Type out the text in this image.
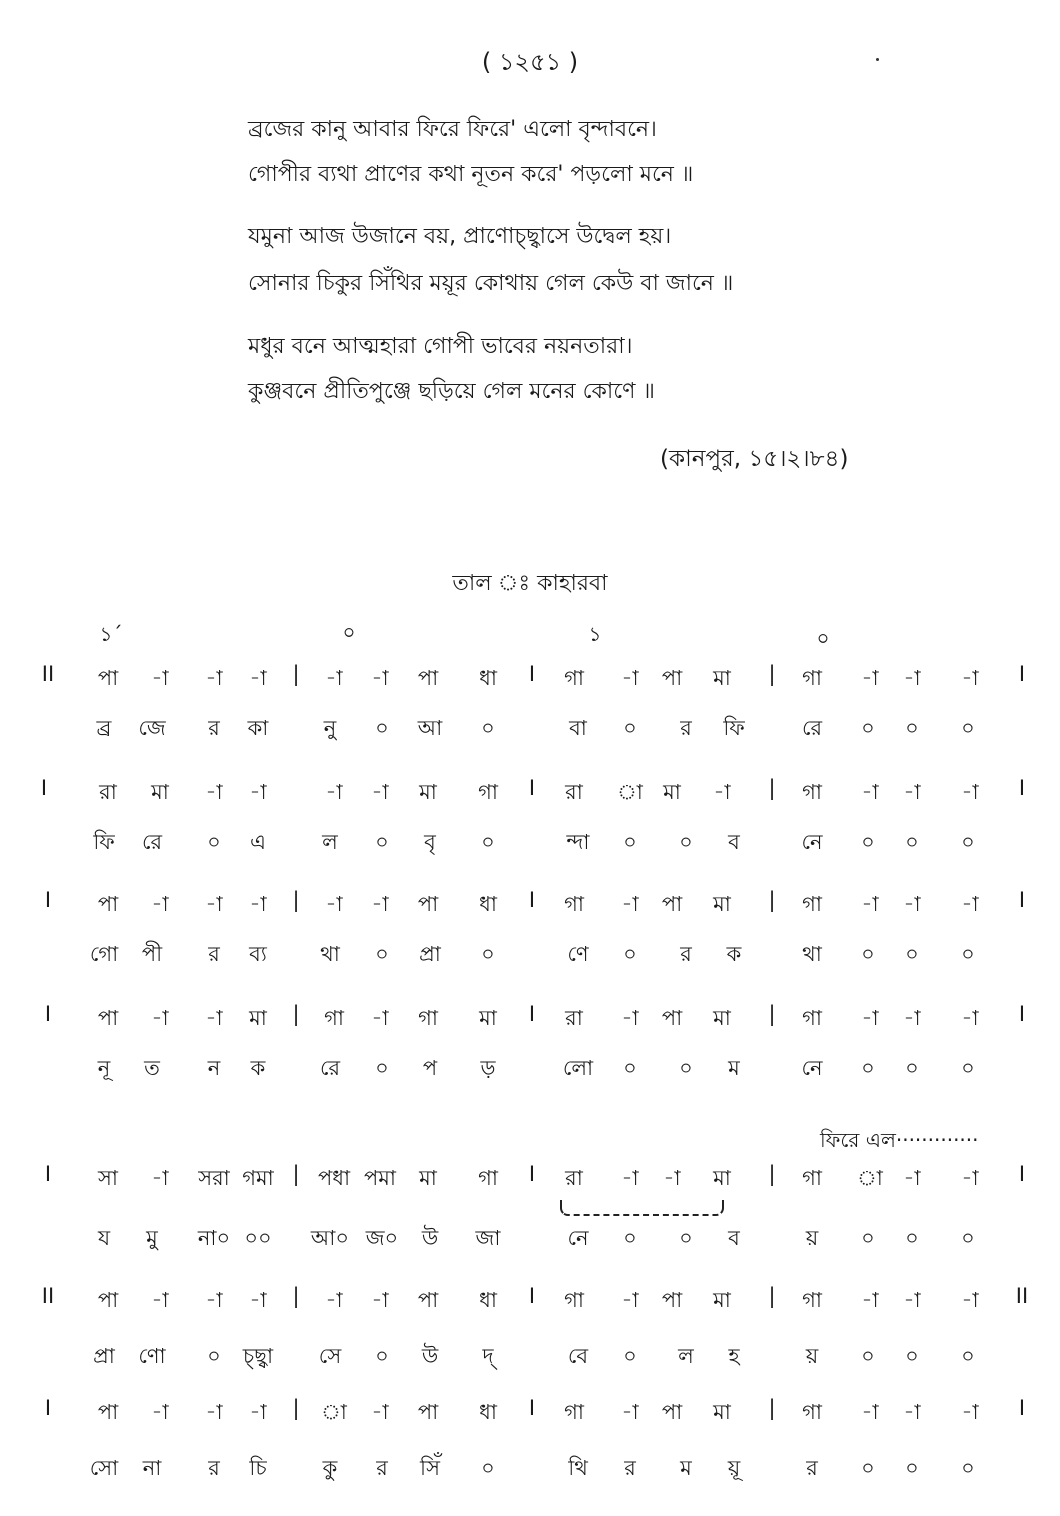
( ১২৫১ )
ব্রজের কানু আবার ফিরে ফিরে' এলো বৃন্দাবনে।
গোপীর ব্যথা প্রাণের কথা নূতন করে' পড়লো মনে ॥
যমুনা আজ উজানে বয়, প্রাণোচ্ছ্বাসে উদ্বেল হয়।
সোনার চিকুর সিঁথির ময়ূর কোথায় গেল কেউ বা জানে ॥
মধুর বনে আত্মহারা গোপী ভাবের নয়নতারা।
কুঞ্জবনে প্রীতিপুঞ্জে ছড়িয়ে গেল মনের কোণে ॥
(কানপুর, ১৫।২।৮৪)
তাল ঃ কাহারবা
১´	০	১	০
II পা -া -া -া | -া -া পা ধা I গা -া পা মা | গা -া -া -া I
ব্র জে র কা	নু ০ আ ০	বা ০ র ফি	রে ০ ০ ০
I রা মা -া -া	-া -া মা গা I রা া মা -া | গা -া -া -া I
ফি রে ০ এ	ল ০ বৃ ০	ন্দা ০ ০ ব	নে ০ ০ ০
I পা -া -া -া | -া -া পা ধা I গা -া পা মা | গা -া -া -া I
গো পী র ব্য	থা ০ প্রা ০	ণে ০ র ক	থা ০ ০ ০
I পা -া -া মা | গা -া গা মা I রা -া পা মা | গা -া -া -া I
নূ ত ন ক	রে ০ প ড়	লো ০ ০ ম	নে ০ ০ ০
I সা -া সরা গমা | পধা পমা মা গা I রা -া -া মা | গা া -া -া I
য মু না০ ০০ আ০ জ০ উ জা	নে ০ ০ ব	য় ০ ০ ০
II পা -া -া -া | -া -া পা ধা I গা -া পা মা | গা -া -া -া II
প্রা ণো ০ চ্ছ্বা সে ০ উ দ্	বে ০ ল হ	য় ০ ০ ০
I পা -া -া -া | া -া পা ধা I গা -া পা মা | গা -া -া -া I
সো না র চি	কু র সিঁ ০	থি র ম য়ূ	র ০ ০ ০
ফিরে এল·············
